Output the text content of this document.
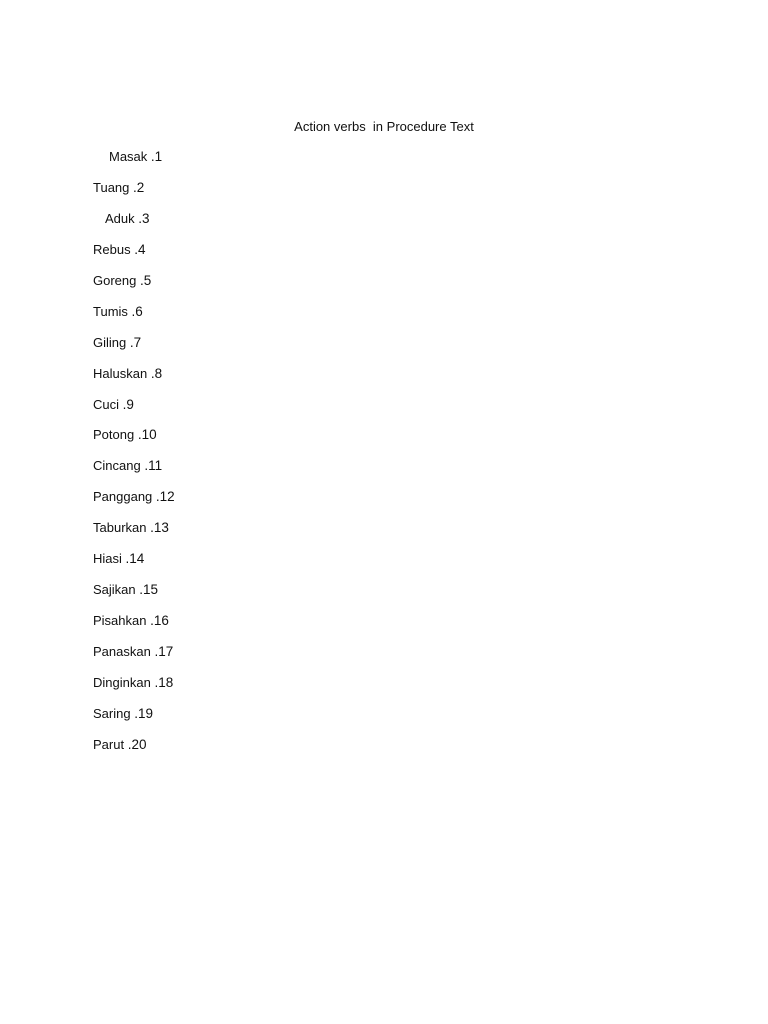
Action verbs  in Procedure Text
Masak .1
Tuang .2
Aduk .3
Rebus .4
Goreng .5
Tumis .6
Giling .7
Haluskan .8
Cuci .9
Potong .10
Cincang .11
Panggang .12
Taburkan .13
Hiasi .14
Sajikan .15
Pisahkan .16
Panaskan .17
Dinginkan .18
Saring .19
Parut .20
